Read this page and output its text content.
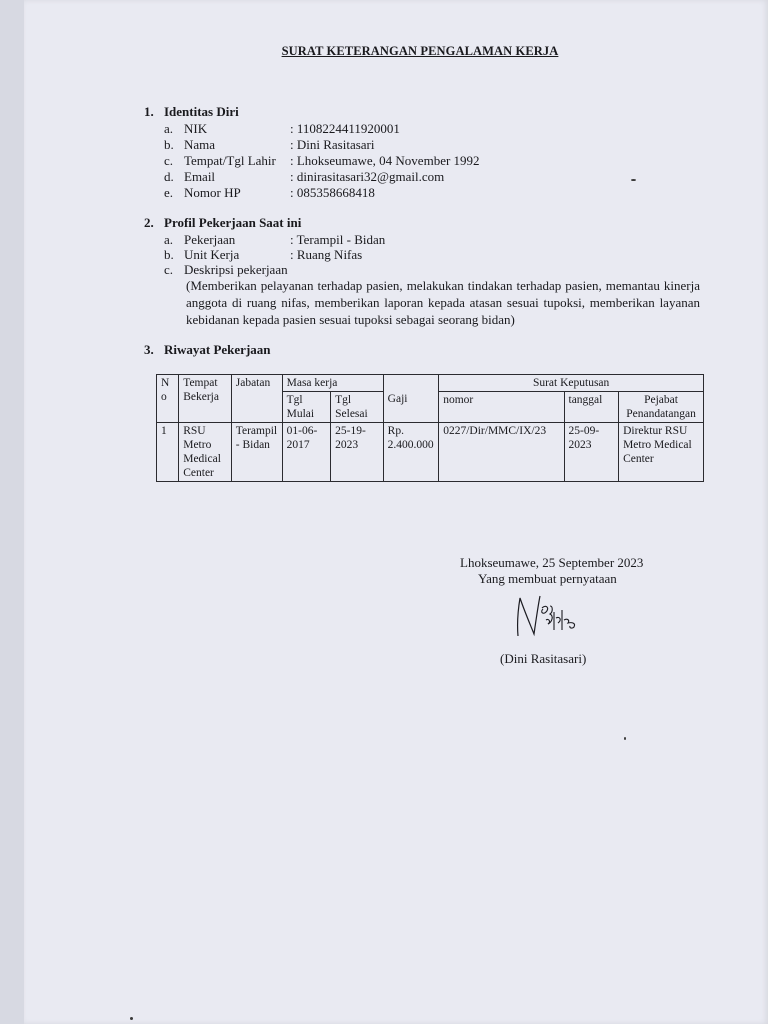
SURAT KETERANGAN PENGALAMAN KERJA
1. Identitas Diri
a. NIK	: 1108224411920001
b. Nama	: Dini Rasitasari
c. Tempat/Tgl Lahir : Lhokseumawe, 04 November 1992
d. Email	: dinirasitasari32@gmail.com
e. Nomor HP	: 085358668418
2. Profil Pekerjaan Saat ini
a. Pekerjaan	: Terampil - Bidan
b. Unit Kerja	: Ruang Nifas
c. Deskripsi pekerjaan
(Memberikan pelayanan terhadap pasien, melakukan tindakan terhadap pasien, memantau kinerja anggota di ruang nifas, memberikan laporan kepada atasan sesuai tupoksi, memberikan layanan kebidanan kepada pasien sesuai tupoksi sebagai seorang bidan)
3. Riwayat Pekerjaan
N o	Tempat Bekerja	Jabatan	Masa kerja		Gaji	Surat Keputusan		
			Tgl Mulai	Tgl Selesai		nomor	tanggal	Pejabat Penandatangan
1	RSU Metro Medical Center	Terampil - Bidan	01-06-2017	25-19-2023	Rp. 2.400.000	0227/Dir/MMC/IX/23	25-09-2023	Direktur RSU Metro Medical Center
Lhokseumawe, 25 September 2023
Yang membuat pernyataan
(Dini Rasitasari)
